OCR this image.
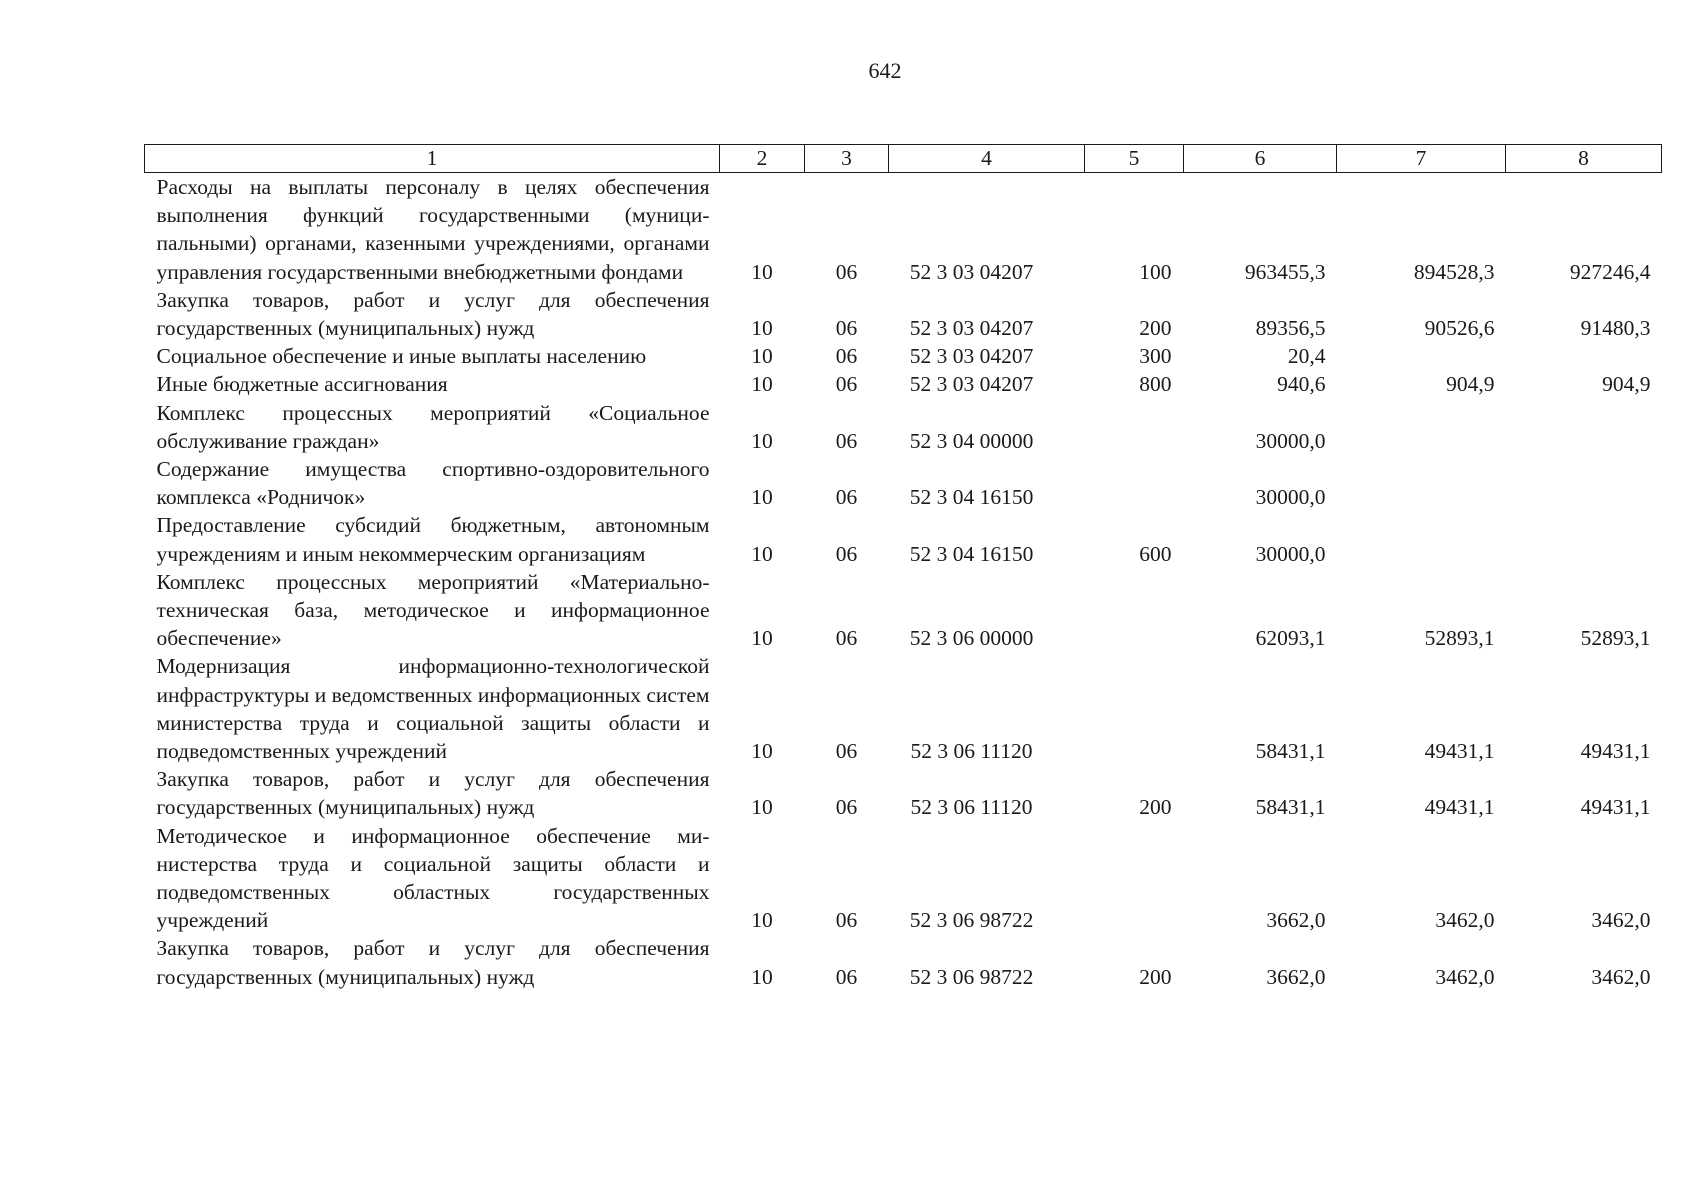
642
1	2	3	4	5	6	7	8
Расходы на выплаты персоналу в целях обеспечения выполнения функций государственными (муниципальными) органами, казенными учреждениями, органами управления государственными внебюджетными фондами	10	06	52 3 03 04207	100	963455,3	894528,3	927246,4
Закупка товаров, работ и услуг для обеспечения государственных (муниципальных) нужд	10	06	52 3 03 04207	200	89356,5	90526,6	91480,3
Социальное обеспечение и иные выплаты населению	10	06	52 3 03 04207	300	20,4		
Иные бюджетные ассигнования	10	06	52 3 03 04207	800	940,6	904,9	904,9
Комплекс процессных мероприятий «Социальное обслуживание граждан»	10	06	52 3 04 00000		30000,0		
Содержание имущества спортивно-оздоровительного комплекса «Родничок»	10	06	52 3 04 16150		30000,0		
Предоставление субсидий бюджетным, автономным учреждениям и иным некоммерческим организациям	10	06	52 3 04 16150	600	30000,0		
Комплекс процессных мероприятий «Материально-техническая база, методическое и информационное обеспечение»	10	06	52 3 06 00000		62093,1	52893,1	52893,1
Модернизация информационно-технологической инфраструктуры и ведомственных информационных систем министерства труда и социальной защиты области и подведомственных учреждений	10	06	52 3 06 11120		58431,1	49431,1	49431,1
Закупка товаров, работ и услуг для обеспечения государственных (муниципальных) нужд	10	06	52 3 06 11120	200	58431,1	49431,1	49431,1
Методическое и информационное обеспечение министерства труда и социальной защиты области и подведомственных областных государственных учреждений	10	06	52 3 06 98722		3662,0	3462,0	3462,0
Закупка товаров, работ и услуг для обеспечения государственных (муниципальных) нужд	10	06	52 3 06 98722	200	3662,0	3462,0	3462,0
